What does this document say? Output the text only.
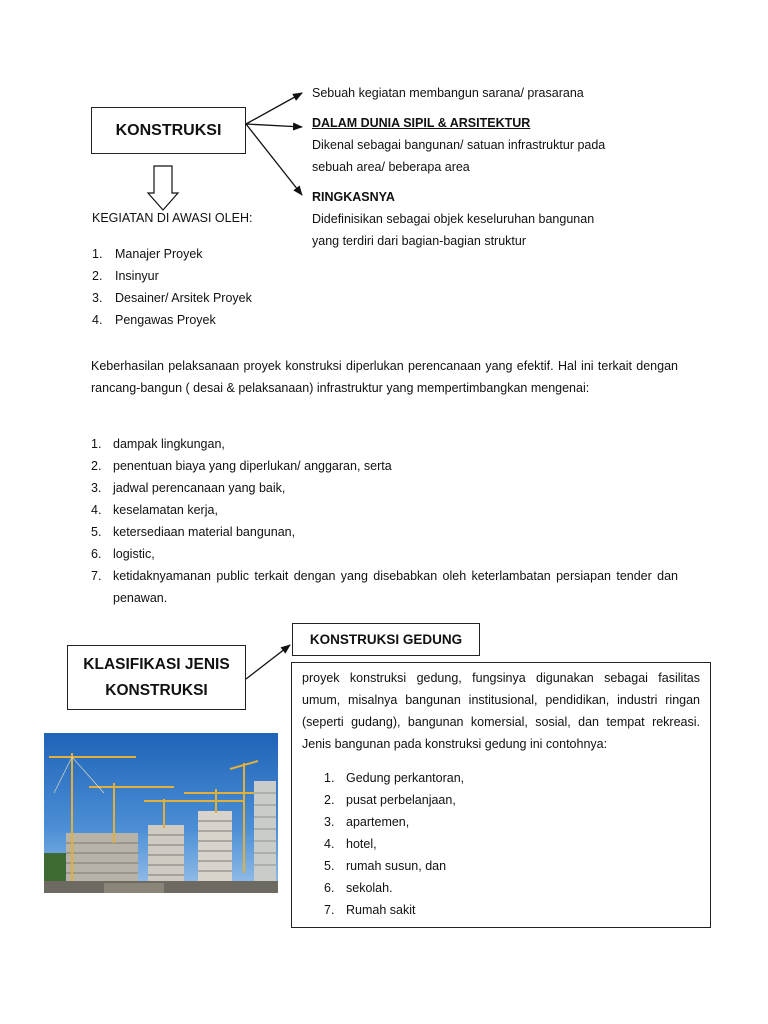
KONSTRUKSI
Sebuah kegiatan membangun sarana/ prasarana
DALAM DUNIA SIPIL & ARSITEKTUR
Dikenal sebagai bangunan/ satuan infrastruktur pada
sebuah area/ beberapa area
RINGKASNYA
Didefinisikan sebagai objek keseluruhan bangunan
yang terdiri dari bagian-bagian struktur
KEGIATAN DI AWASI OLEH:
1.	Manajer Proyek
2.	Insinyur
3.	Desainer/ Arsitek Proyek
4.	Pengawas Proyek
Keberhasilan pelaksanaan proyek konstruksi diperlukan perencanaan yang efektif. Hal ini terkait dengan rancang-bangun ( desai & pelaksanaan) infrastruktur yang mempertimbangkan mengenai:
1. dampak lingkungan,
2. penentuan biaya yang diperlukan/ anggaran, serta
3. jadwal perencanaan yang baik,
4. keselamatan kerja,
5. ketersediaan material bangunan,
6. logistic,
7. ketidaknyamanan public terkait dengan yang disebabkan oleh keterlambatan persiapan tender dan penawan.
KLASIFIKASI JENIS
KONSTRUKSI
KONSTRUKSI GEDUNG
proyek konstruksi gedung, fungsinya digunakan sebagai fasilitas umum, misalnya bangunan institusional, pendidikan, industri ringan (seperti gudang), bangunan komersial, sosial, dan tempat rekreasi. Jenis bangunan pada konstruksi gedung ini contohnya:
1. Gedung perkantoran,
2. pusat perbelanjaan,
3. apartemen,
4. hotel,
5. rumah susun, dan
6. sekolah.
7. Rumah sakit
